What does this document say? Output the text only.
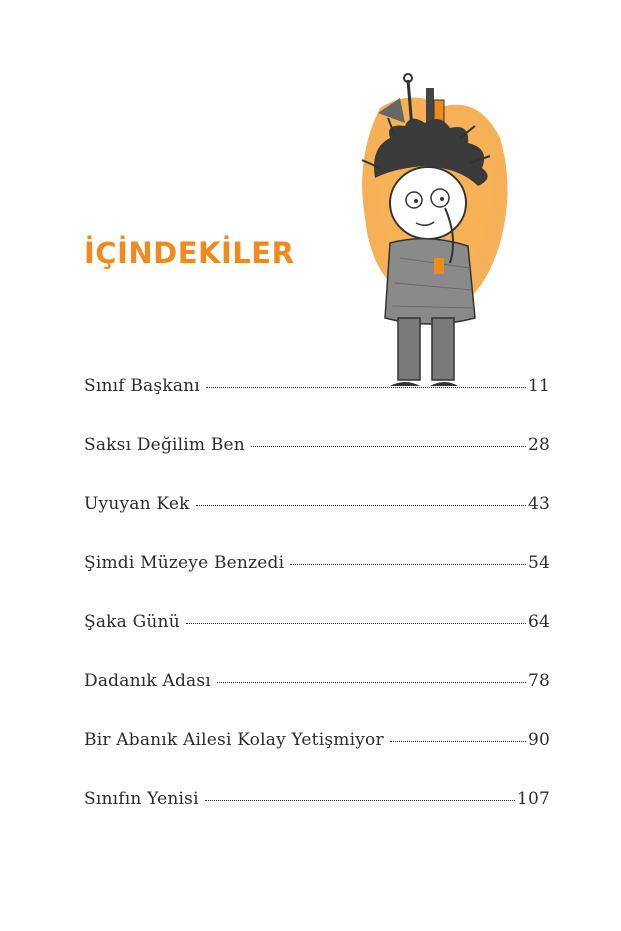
İÇİNDEKİLER
Sınıf Başkanı	11
Saksı Değilim Ben	28
Uyuyan Kek	43
Şimdi Müzeye Benzedi	54
Şaka Günü	64
Dadanık Adası	78
Bir Abanık Ailesi Kolay Yetişmiyor	90
Sınıfın Yenisi	107
